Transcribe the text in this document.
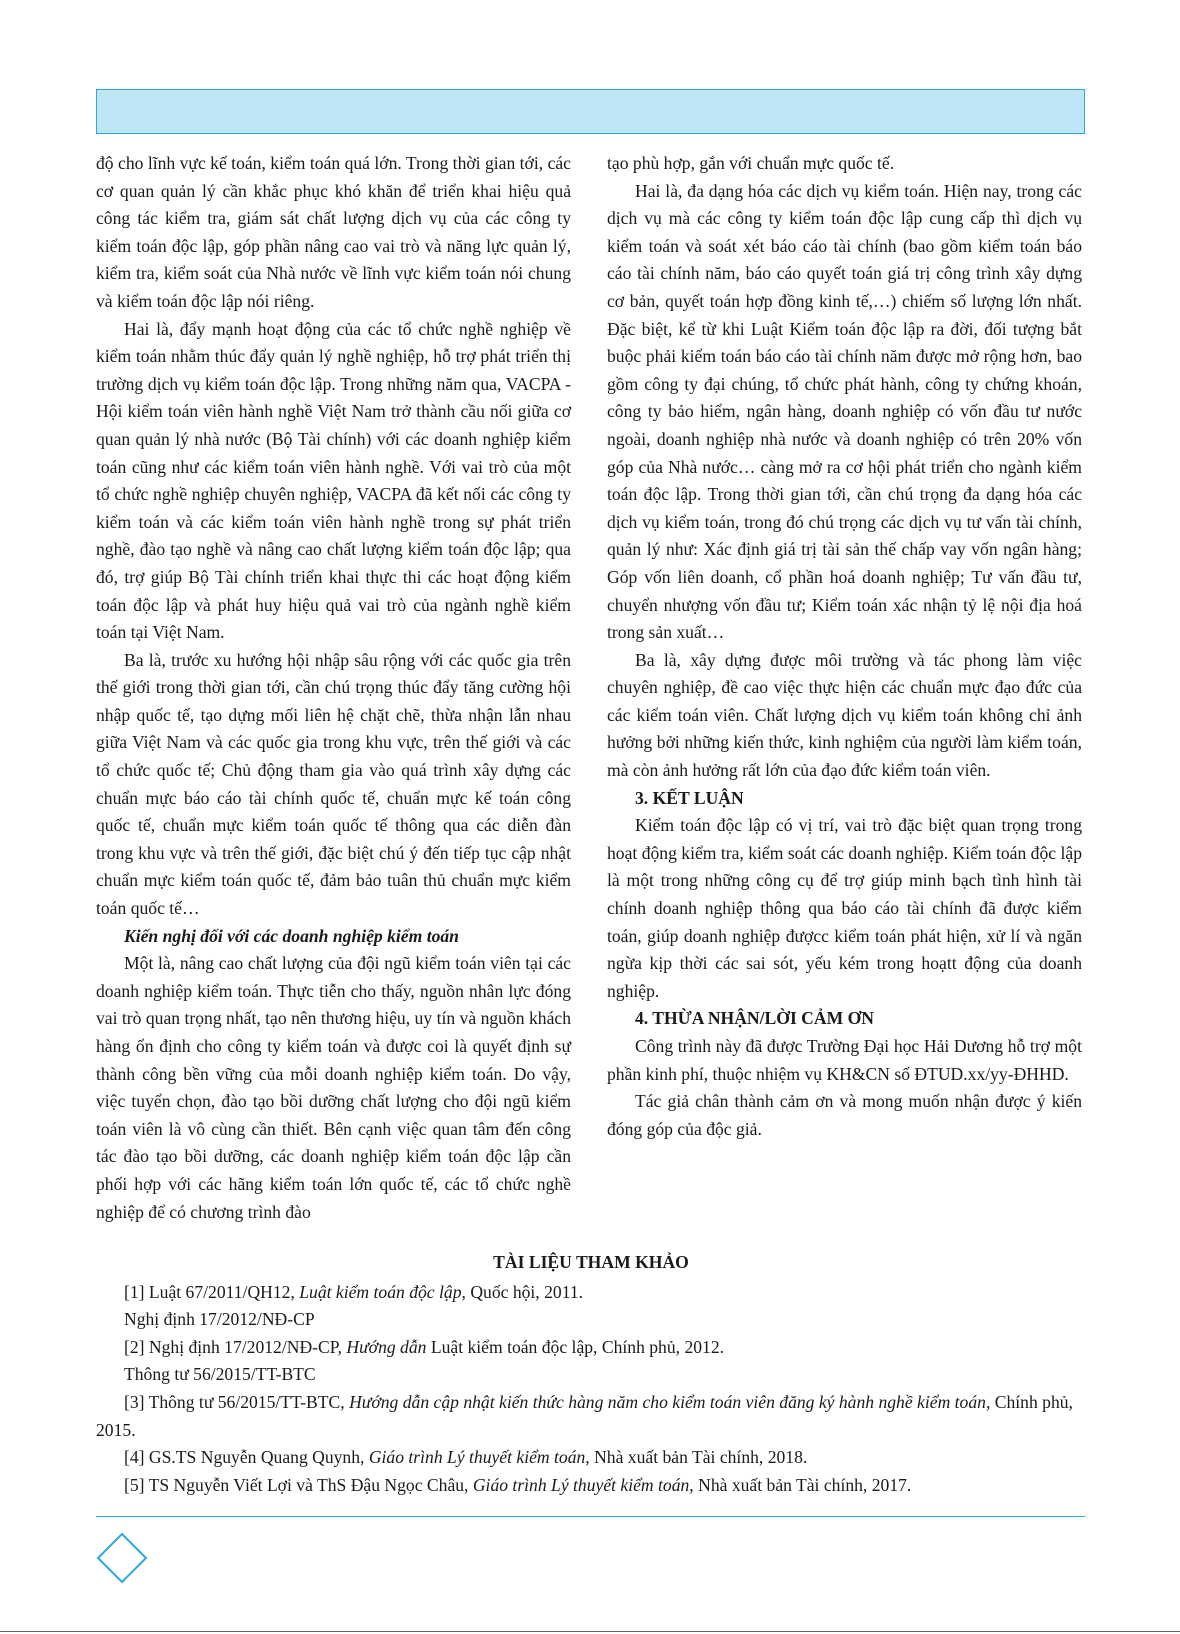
độ cho lĩnh vực kế toán, kiểm toán quá lớn. Trong thời gian tới, các cơ quan quản lý cần khắc phục khó khăn để triển khai hiệu quả công tác kiểm tra, giám sát chất lượng dịch vụ của các công ty kiểm toán độc lập, góp phần nâng cao vai trò và năng lực quản lý, kiểm tra, kiểm soát của Nhà nước về lĩnh vực kiểm toán nói chung và kiểm toán độc lập nói riêng.

Hai là, đẩy mạnh hoạt động của các tổ chức nghề nghiệp về kiểm toán nhằm thúc đẩy quản lý nghề nghiệp, hỗ trợ phát triển thị trường dịch vụ kiểm toán độc lập. Trong những năm qua, VACPA - Hội kiểm toán viên hành nghề Việt Nam trở thành cầu nối giữa cơ quan quản lý nhà nước (Bộ Tài chính) với các doanh nghiệp kiểm toán cũng như các kiểm toán viên hành nghề. Với vai trò của một tổ chức nghề nghiệp chuyên nghiệp, VACPA đã kết nối các công ty kiểm toán và các kiểm toán viên hành nghề trong sự phát triển nghề, đào tạo nghề và nâng cao chất lượng kiểm toán độc lập; qua đó, trợ giúp Bộ Tài chính triển khai thực thi các hoạt động kiểm toán độc lập và phát huy hiệu quả vai trò của ngành nghề kiểm toán tại Việt Nam.

Ba là, trước xu hướng hội nhập sâu rộng với các quốc gia trên thế giới trong thời gian tới, cần chú trọng thúc đẩy tăng cường hội nhập quốc tế, tạo dựng mối liên hệ chặt chẽ, thừa nhận lẫn nhau giữa Việt Nam và các quốc gia trong khu vực, trên thế giới và các tổ chức quốc tế; Chủ động tham gia vào quá trình xây dựng các chuẩn mực báo cáo tài chính quốc tế, chuẩn mực kế toán công quốc tế, chuẩn mực kiểm toán quốc tế thông qua các diễn đàn trong khu vực và trên thế giới, đặc biệt chú ý đến tiếp tục cập nhật chuẩn mực kiểm toán quốc tế, đảm bảo tuân thủ chuẩn mực kiểm toán quốc tế…

Kiến nghị đối với các doanh nghiệp kiểm toán

Một là, nâng cao chất lượng của đội ngũ kiểm toán viên tại các doanh nghiệp kiểm toán. Thực tiễn cho thấy, nguồn nhân lực đóng vai trò quan trọng nhất, tạo nên thương hiệu, uy tín và nguồn khách hàng ổn định cho công ty kiểm toán và được coi là quyết định sự thành công bền vững của mỗi doanh nghiệp kiểm toán. Do vậy, việc tuyển chọn, đào tạo bồi dưỡng chất lượng cho đội ngũ kiểm toán viên là vô cùng cần thiết. Bên cạnh việc quan tâm đến công tác đào tạo bồi dưỡng, các doanh nghiệp kiểm toán độc lập cần phối hợp với các hãng kiểm toán lớn quốc tế, các tổ chức nghề nghiệp để có chương trình đào

tạo phù hợp, gắn với chuẩn mực quốc tế.

Hai là, đa dạng hóa các dịch vụ kiểm toán. Hiện nay, trong các dịch vụ mà các công ty kiểm toán độc lập cung cấp thì dịch vụ kiểm toán và soát xét báo cáo tài chính (bao gồm kiểm toán báo cáo tài chính năm, báo cáo quyết toán giá trị công trình xây dựng cơ bản, quyết toán hợp đồng kinh tế,…) chiếm số lượng lớn nhất. Đặc biệt, kể từ khi Luật Kiểm toán độc lập ra đời, đối tượng bắt buộc phải kiểm toán báo cáo tài chính năm được mở rộng hơn, bao gồm công ty đại chúng, tổ chức phát hành, công ty chứng khoán, công ty bảo hiểm, ngân hàng, doanh nghiệp có vốn đầu tư nước ngoài, doanh nghiệp nhà nước và doanh nghiệp có trên 20% vốn góp của Nhà nước… càng mở ra cơ hội phát triển cho ngành kiểm toán độc lập. Trong thời gian tới, cần chú trọng đa dạng hóa các dịch vụ kiểm toán, trong đó chú trọng các dịch vụ tư vấn tài chính, quản lý như: Xác định giá trị tài sản thế chấp vay vốn ngân hàng; Góp vốn liên doanh, cổ phần hoá doanh nghiệp; Tư vấn đầu tư, chuyển nhượng vốn đầu tư; Kiểm toán xác nhận tỷ lệ nội địa hoá trong sản xuất…

Ba là, xây dựng được môi trường và tác phong làm việc chuyên nghiệp, đề cao việc thực hiện các chuẩn mực đạo đức của các kiểm toán viên. Chất lượng dịch vụ kiểm toán không chỉ ảnh hưởng bởi những kiến thức, kinh nghiệm của người làm kiểm toán, mà còn ảnh hưởng rất lớn của đạo đức kiểm toán viên.

3. KẾT LUẬN

Kiểm toán độc lập có vị trí, vai trò đặc biệt quan trọng trong hoạt động kiểm tra, kiểm soát các doanh nghiệp. Kiểm toán độc lập là một trong những công cụ để trợ giúp minh bạch tình hình tài chính doanh nghiệp thông qua báo cáo tài chính đã được kiểm toán, giúp doanh nghiệp đượcc kiểm toán phát hiện, xử lí và ngăn ngừa kịp thời các sai sót, yếu kém trong hoạtt động của doanh nghiệp.

4. THỪA NHẬN/LỜI CẢM ƠN

Công trình này đã được Trường Đại học Hải Dương hỗ trợ một phần kinh phí, thuộc nhiệm vụ KH&CN số ĐTUD.xx/yy-ĐHHD.

Tác giả chân thành cảm ơn và mong muốn nhận được ý kiến đóng góp của độc giả.

TÀI LIỆU THAM KHẢO

[1] Luật 67/2011/QH12, Luật kiểm toán độc lập, Quốc hội, 2011.

Nghị định 17/2012/NĐ-CP

[2] Nghị định 17/2012/NĐ-CP, Hướng dẫn Luật kiểm toán độc lập, Chính phủ, 2012.

Thông tư 56/2015/TT-BTC

[3] Thông tư 56/2015/TT-BTC, Hướng dẫn cập nhật kiến thức hàng năm cho kiểm toán viên đăng ký hành nghề kiểm toán, Chính phủ, 2015.

[4] GS.TS Nguyễn Quang Quynh, Giáo trình Lý thuyết kiểm toán, Nhà xuất bản Tài chính, 2018.

[5] TS Nguyễn Viết Lợi và ThS Đậu Ngọc Châu, Giáo trình Lý thuyết kiểm toán, Nhà xuất bản Tài chính, 2017.
